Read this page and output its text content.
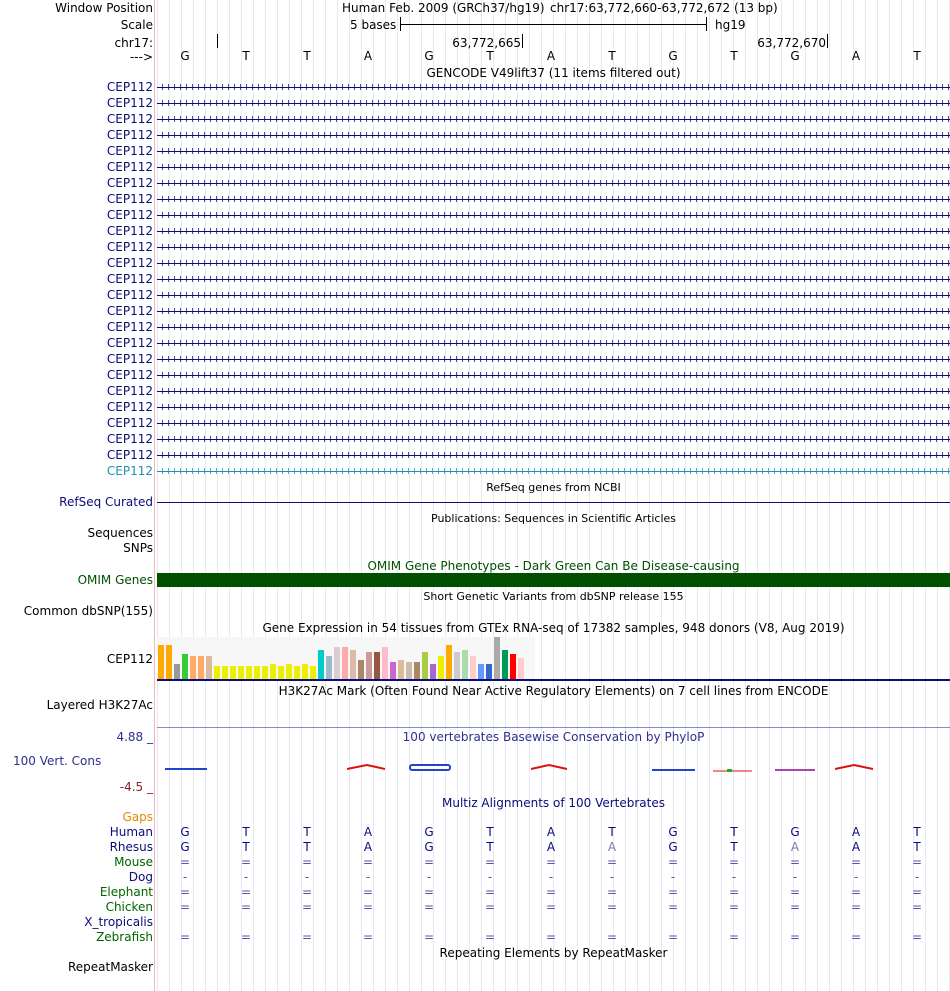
Window Position	Human Feb. 2009 (GRCh37/hg19) chr17:63,772,660-63,772,672 (13 bp)
Scale	5 bases	hg19
chr17:	63,772,665	63,772,670
--->	G	T	T	A	G	T	A	T	G	T	G	A	T
GENCODE V49lift37 (11 items filtered out)
CEP112
CEP112
CEP112
CEP112
CEP112
CEP112
CEP112
CEP112
CEP112
CEP112
CEP112
CEP112
CEP112
CEP112
CEP112
CEP112
CEP112
CEP112
CEP112
CEP112
CEP112
CEP112
CEP112
CEP112
CEP112
RefSeq genes from NCBI
RefSeq Curated
Publications: Sequences in Scientific Articles
Sequences
SNPs
OMIM Gene Phenotypes - Dark Green Can Be Disease-causing
OMIM Genes
Short Genetic Variants from dbSNP release 155
Common dbSNP(155)
Gene Expression in 54 tissues from GTEx RNA-seq of 17382 samples, 948 donors (V8, Aug 2019)
CEP112
H3K27Ac Mark (Often Found Near Active Regulatory Elements) on 7 cell lines from ENCODE
Layered H3K27Ac
100 vertebrates Basewise Conservation by PhyloP
4.88 _
100 Vert. Cons
-4.5 _
Multiz Alignments of 100 Vertebrates
Gaps
Human	G	T	T	A	G	T	A	T	G	T	G	A	T
Rhesus	G	T	T	A	G	T	A	A	G	T	A	A	T
Mouse	=	=	=	=	=	=	=	=	=	=	=	=	=
Dog	-	-	-	-	-	-	-	-	-	-	-	-	-
Elephant	=	=	=	=	=	=	=	=	=	=	=	=	=
Chicken	=	=	=	=	=	=	=	=	=	=	=	=	=
X_tropicalis
Zebrafish	=	=	=	=	=	=	=	=	=	=	=	=	=
Repeating Elements by RepeatMasker
RepeatMasker
